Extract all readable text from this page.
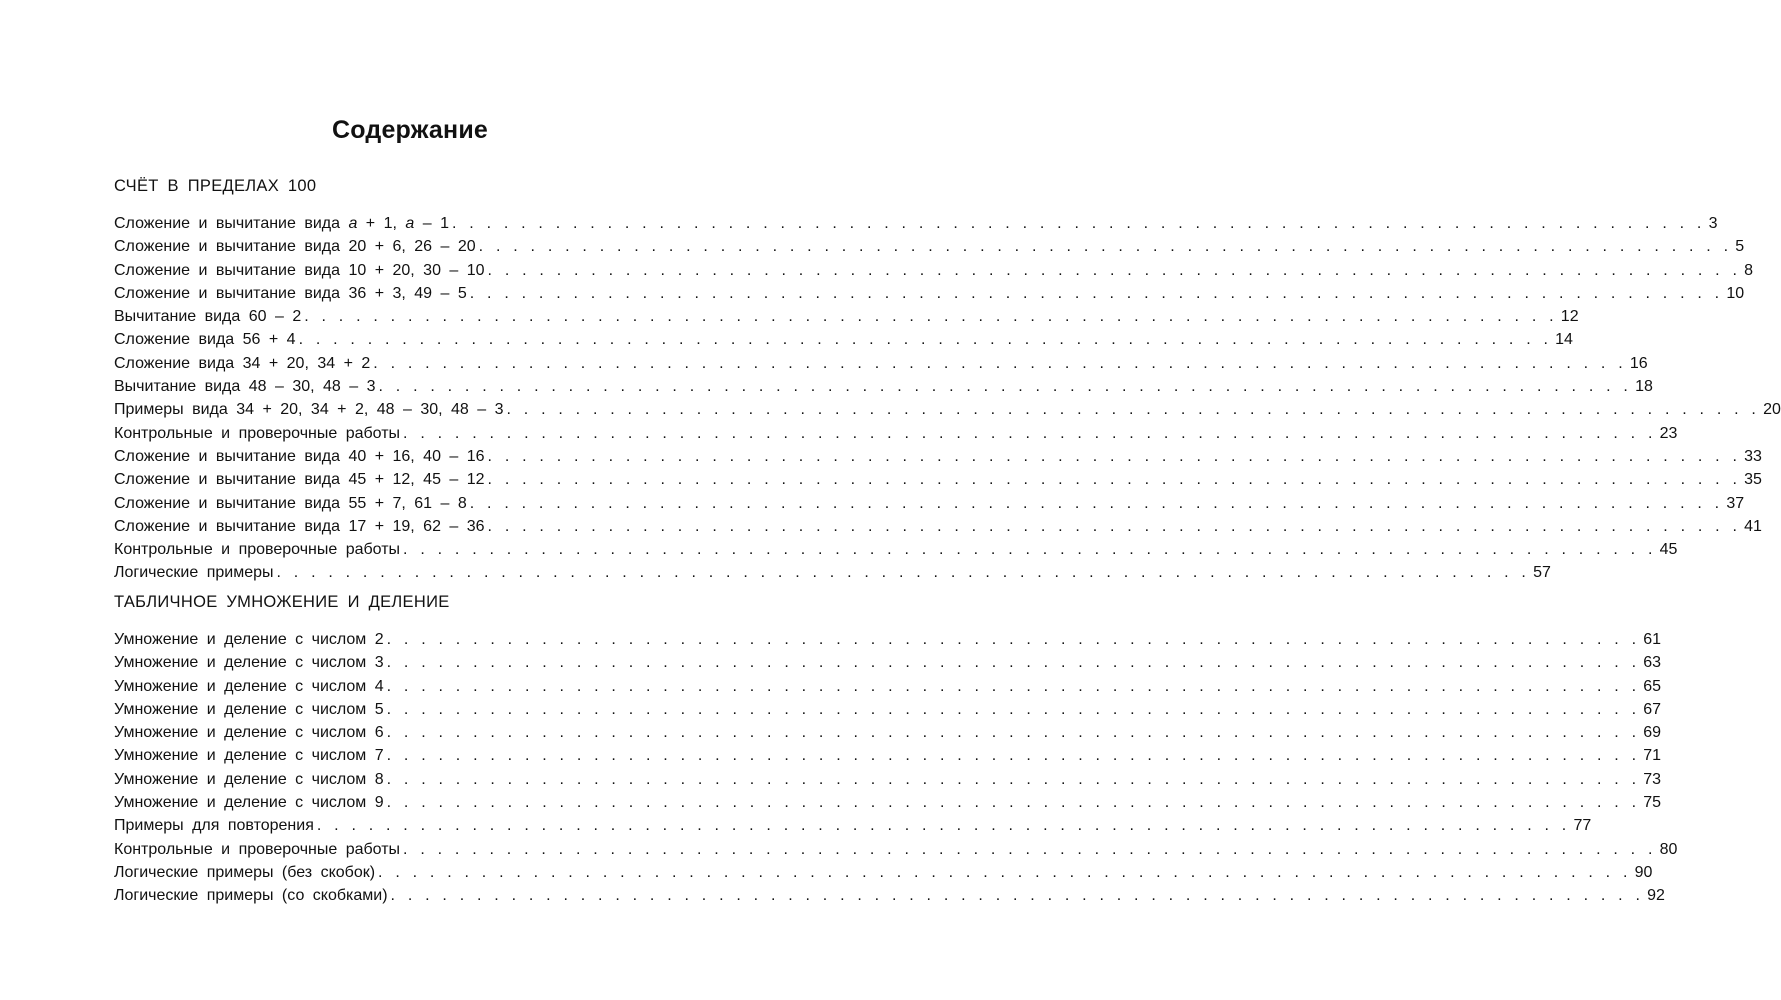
Содержание
СЧЁТ В ПРЕДЕЛАХ 100
Сложение и вычитание вида a + 1, a – 1 . . . . . . . . . . . . . . . . . . . . . . . . . . . . . . . . . . . . . . . . . . . . . . . . . . . . . . . . . . . . . . . . . . . . . . . . . 3
Сложение и вычитание вида 20 + 6, 26 – 20 . . . . . . . . . . . . . . . . . . . . . . . . . . . . . . . . . . . . . . . . . . . . . . . . . . . . . . . . . . . . . . . . . . . . . . . . . 5
Сложение и вычитание вида 10 + 20, 30 – 10 . . . . . . . . . . . . . . . . . . . . . . . . . . . . . . . . . . . . . . . . . . . . . . . . . . . . . . . . . . . . . . . . . . . . . . . . . 8
Сложение и вычитание вида 36 + 3, 49 – 5 . . . . . . . . . . . . . . . . . . . . . . . . . . . . . . . . . . . . . . . . . . . . . . . . . . . . . . . . . . . . . . . . . . . . . . . . . 10
Вычитание вида 60 – 2 . . . . . . . . . . . . . . . . . . . . . . . . . . . . . . . . . . . . . . . . . . . . . . . . . . . . . . . . . . . . . . . . . . . . . . . . . 12
Сложение вида 56 + 4 . . . . . . . . . . . . . . . . . . . . . . . . . . . . . . . . . . . . . . . . . . . . . . . . . . . . . . . . . . . . . . . . . . . . . . . . . 14
Сложение вида 34 + 20, 34 + 2 . . . . . . . . . . . . . . . . . . . . . . . . . . . . . . . . . . . . . . . . . . . . . . . . . . . . . . . . . . . . . . . . . . . . . . . . . 16
Вычитание вида 48 – 30, 48 – 3 . . . . . . . . . . . . . . . . . . . . . . . . . . . . . . . . . . . . . . . . . . . . . . . . . . . . . . . . . . . . . . . . . . . . . . . . . 18
Примеры вида 34 + 20, 34 + 2, 48 – 30, 48 – 3 . . . . . . . . . . . . . . . . . . . . . . . . . . . . . . . . . . . . . . . . . . . . . . . . . . . . . . . . . . . . . . . . . . . . . . . . . 20
Контрольные и проверочные работы . . . . . . . . . . . . . . . . . . . . . . . . . . . . . . . . . . . . . . . . . . . . . . . . . . . . . . . . . . . . . . . . . . . . . . . . . 23
Сложение и вычитание вида 40 + 16, 40 – 16 . . . . . . . . . . . . . . . . . . . . . . . . . . . . . . . . . . . . . . . . . . . . . . . . . . . . . . . . . . . . . . . . . . . . . . . . . 33
Сложение и вычитание вида 45 + 12, 45 – 12 . . . . . . . . . . . . . . . . . . . . . . . . . . . . . . . . . . . . . . . . . . . . . . . . . . . . . . . . . . . . . . . . . . . . . . . . . 35
Сложение и вычитание вида 55 + 7, 61 – 8 . . . . . . . . . . . . . . . . . . . . . . . . . . . . . . . . . . . . . . . . . . . . . . . . . . . . . . . . . . . . . . . . . . . . . . . . . 37
Сложение и вычитание вида 17 + 19, 62 – 36 . . . . . . . . . . . . . . . . . . . . . . . . . . . . . . . . . . . . . . . . . . . . . . . . . . . . . . . . . . . . . . . . . . . . . . . . . 41
Контрольные и проверочные работы . . . . . . . . . . . . . . . . . . . . . . . . . . . . . . . . . . . . . . . . . . . . . . . . . . . . . . . . . . . . . . . . . . . . . . . . . 45
Логические примеры . . . . . . . . . . . . . . . . . . . . . . . . . . . . . . . . . . . . . . . . . . . . . . . . . . . . . . . . . . . . . . . . . . . . . . . . . 57
ТАБЛИЧНОЕ УМНОЖЕНИЕ И ДЕЛЕНИЕ
Умножение и деление с числом 2 . . . . . . . . . . . . . . . . . . . . . . . . . . . . . . . . . . . . . . . . . . . . . . . . . . . . . . . . . . . . . . . . . . . . . . . . . 61
Умножение и деление с числом 3 . . . . . . . . . . . . . . . . . . . . . . . . . . . . . . . . . . . . . . . . . . . . . . . . . . . . . . . . . . . . . . . . . . . . . . . . . 63
Умножение и деление с числом 4 . . . . . . . . . . . . . . . . . . . . . . . . . . . . . . . . . . . . . . . . . . . . . . . . . . . . . . . . . . . . . . . . . . . . . . . . . 65
Умножение и деление с числом 5 . . . . . . . . . . . . . . . . . . . . . . . . . . . . . . . . . . . . . . . . . . . . . . . . . . . . . . . . . . . . . . . . . . . . . . . . . 67
Умножение и деление с числом 6 . . . . . . . . . . . . . . . . . . . . . . . . . . . . . . . . . . . . . . . . . . . . . . . . . . . . . . . . . . . . . . . . . . . . . . . . . 69
Умножение и деление с числом 7 . . . . . . . . . . . . . . . . . . . . . . . . . . . . . . . . . . . . . . . . . . . . . . . . . . . . . . . . . . . . . . . . . . . . . . . . . 71
Умножение и деление с числом 8 . . . . . . . . . . . . . . . . . . . . . . . . . . . . . . . . . . . . . . . . . . . . . . . . . . . . . . . . . . . . . . . . . . . . . . . . . 73
Умножение и деление с числом 9 . . . . . . . . . . . . . . . . . . . . . . . . . . . . . . . . . . . . . . . . . . . . . . . . . . . . . . . . . . . . . . . . . . . . . . . . . 75
Примеры для повторения . . . . . . . . . . . . . . . . . . . . . . . . . . . . . . . . . . . . . . . . . . . . . . . . . . . . . . . . . . . . . . . . . . . . . . . . . 77
Контрольные и проверочные работы . . . . . . . . . . . . . . . . . . . . . . . . . . . . . . . . . . . . . . . . . . . . . . . . . . . . . . . . . . . . . . . . . . . . . . . . . 80
Логические примеры (без скобок) . . . . . . . . . . . . . . . . . . . . . . . . . . . . . . . . . . . . . . . . . . . . . . . . . . . . . . . . . . . . . . . . . . . . . . . . . 90
Логические примеры (со скобками) . . . . . . . . . . . . . . . . . . . . . . . . . . . . . . . . . . . . . . . . . . . . . . . . . . . . . . . . . . . . . . . . . . . . . . . . . 92
